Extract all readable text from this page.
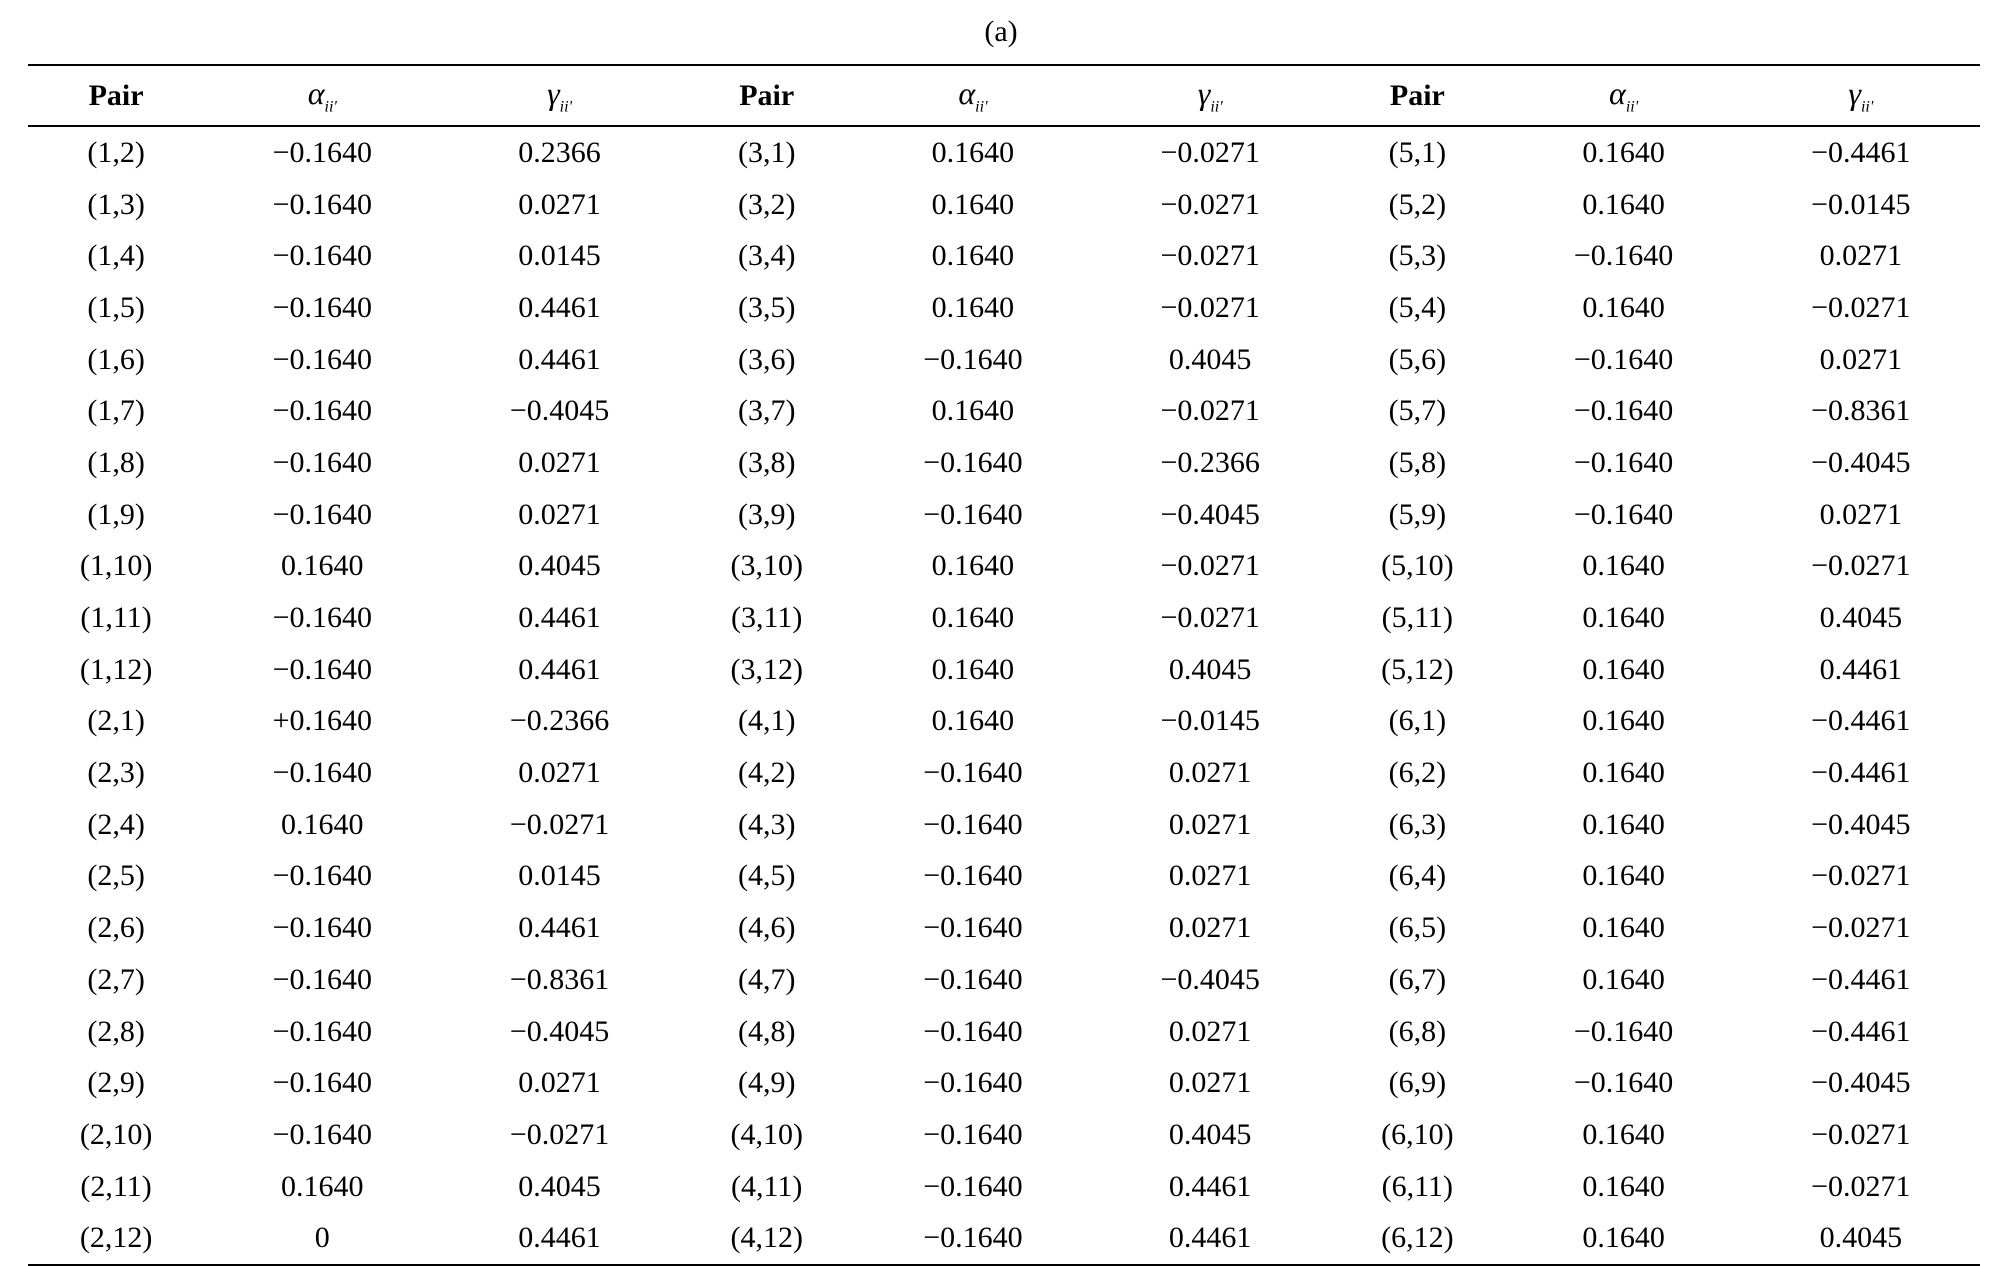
(a)
Pair	$\alpha_{ii'}$	$\gamma_{ii'}$	Pair	$\alpha_{ii'}$	$\gamma_{ii'}$	Pair	$\alpha_{ii'}$	$\gamma_{ii'}$
(1,2)	−0.1640	0.2366	(3,1)	0.1640	−0.0271	(5,1)	0.1640	−0.4461
(1,3)	−0.1640	0.0271	(3,2)	0.1640	−0.0271	(5,2)	0.1640	−0.0145
(1,4)	−0.1640	0.0145	(3,4)	0.1640	−0.0271	(5,3)	−0.1640	0.0271
(1,5)	−0.1640	0.4461	(3,5)	0.1640	−0.0271	(5,4)	0.1640	−0.0271
(1,6)	−0.1640	0.4461	(3,6)	−0.1640	0.4045	(5,6)	−0.1640	0.0271
(1,7)	−0.1640	−0.4045	(3,7)	0.1640	−0.0271	(5,7)	−0.1640	−0.8361
(1,8)	−0.1640	0.0271	(3,8)	−0.1640	−0.2366	(5,8)	−0.1640	−0.4045
(1,9)	−0.1640	0.0271	(3,9)	−0.1640	−0.4045	(5,9)	−0.1640	0.0271
(1,10)	0.1640	0.4045	(3,10)	0.1640	−0.0271	(5,10)	0.1640	−0.0271
(1,11)	−0.1640	0.4461	(3,11)	0.1640	−0.0271	(5,11)	0.1640	0.4045
(1,12)	−0.1640	0.4461	(3,12)	0.1640	0.4045	(5,12)	0.1640	0.4461
(2,1)	+0.1640	−0.2366	(4,1)	0.1640	−0.0145	(6,1)	0.1640	−0.4461
(2,3)	−0.1640	0.0271	(4,2)	−0.1640	0.0271	(6,2)	0.1640	−0.4461
(2,4)	0.1640	−0.0271	(4,3)	−0.1640	0.0271	(6,3)	0.1640	−0.4045
(2,5)	−0.1640	0.0145	(4,5)	−0.1640	0.0271	(6,4)	0.1640	−0.0271
(2,6)	−0.1640	0.4461	(4,6)	−0.1640	0.0271	(6,5)	0.1640	−0.0271
(2,7)	−0.1640	−0.8361	(4,7)	−0.1640	−0.4045	(6,7)	0.1640	−0.4461
(2,8)	−0.1640	−0.4045	(4,8)	−0.1640	0.0271	(6,8)	−0.1640	−0.4461
(2,9)	−0.1640	0.0271	(4,9)	−0.1640	0.0271	(6,9)	−0.1640	−0.4045
(2,10)	−0.1640	−0.0271	(4,10)	−0.1640	0.4045	(6,10)	0.1640	−0.0271
(2,11)	0.1640	0.4045	(4,11)	−0.1640	0.4461	(6,11)	0.1640	−0.0271
(2,12)	0	0.4461	(4,12)	−0.1640	0.4461	(6,12)	0.1640	0.4045
